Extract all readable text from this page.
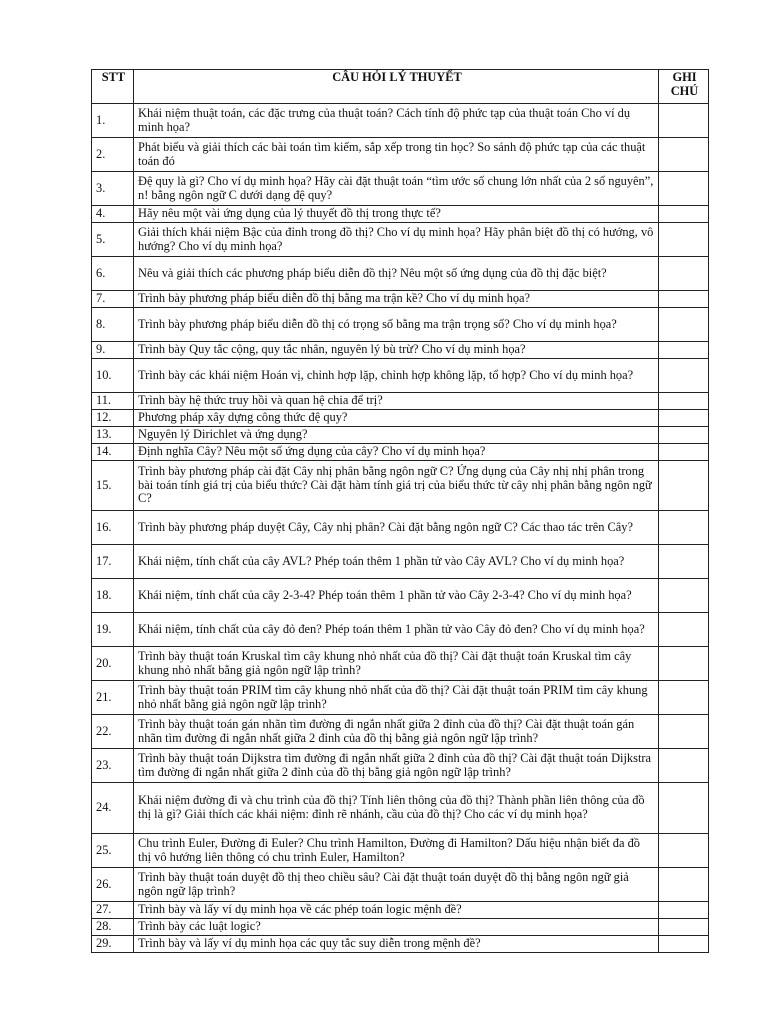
STT	CÂU HỎI LÝ THUYẾT	GHI CHÚ
1.	Khái niệm thuật toán, các đặc trưng của thuật toán? Cách tính độ phức tạp của thuật toán Cho ví dụ minh họa?	
2.	Phát biểu và giải thích các bài toán tìm kiếm, sắp xếp trong tin học? So sánh độ phức tạp của các thuật toán đó	
3.	Đệ quy là gì? Cho ví dụ minh họa? Hãy cài đặt thuật toán “tìm ước số chung lớn nhất của 2 số nguyên”, n! bằng ngôn ngữ C dưới dạng đệ quy?	
4.	Hãy nêu một vài ứng dụng của lý thuyết đồ thị trong thực tế?	
5.	Giải thích khái niệm Bậc của đỉnh trong đồ thị? Cho ví dụ minh họa? Hãy phân biệt đồ thị có hướng, vô hướng? Cho ví dụ minh họa?	
6.	Nêu và giải thích các phương pháp biểu diễn đồ thị? Nêu một số ứng dụng của đồ thị đặc biệt?	
7.	Trình bày phương pháp biểu diễn đồ thị bằng ma trận kề? Cho ví dụ minh họa?	
8.	Trình bày phương pháp biểu diễn đồ thị có trọng số bằng ma trận trọng số? Cho ví dụ minh họa?	
9.	Trình bày Quy tắc cộng, quy tắc nhân, nguyên lý bù trừ? Cho ví dụ minh họa?	
10.	Trình bày các khái niệm Hoán vị, chỉnh hợp lặp, chỉnh hợp không lặp, tổ hợp? Cho ví dụ minh họa?	
11.	Trình bày hệ thức truy hồi và quan hệ chia để trị?	
12.	Phương pháp xây dựng công thức đệ quy?	
13.	Nguyên lý Dirichlet và ứng dụng?	
14.	Định nghĩa Cây? Nêu một số ứng dụng của cây? Cho ví dụ minh họa?	
15.	Trình bày phương pháp cài đặt Cây nhị phân bằng ngôn ngữ C? Ứng dụng của Cây nhị nhị phân trong bài toán tính giá trị của biểu thức? Cài đặt hàm tính giá trị của biểu thức từ cây nhị phân bằng ngôn ngữ C?	
16.	Trình bày phương pháp duyệt Cây, Cây nhị phân? Cài đặt bằng ngôn ngữ C? Các thao tác trên Cây?	
17.	Khái niệm, tính chất của cây AVL? Phép toán thêm 1 phần tử vào Cây AVL? Cho ví dụ minh họa?	
18.	Khái niệm, tính chất của cây 2-3-4? Phép toán thêm 1 phần tử vào Cây 2-3-4? Cho ví dụ minh họa?	
19.	Khái niệm, tính chất của cây đỏ đen? Phép toán thêm 1 phần tử vào Cây đỏ đen? Cho ví dụ minh họa?	
20.	Trình bày thuật toán Kruskal tìm cây khung nhỏ nhất của đồ thị? Cài đặt thuật toán Kruskal tìm cây khung nhỏ nhất bằng giả ngôn ngữ lập trình?	
21.	Trình bày thuật toán PRIM tìm cây khung nhỏ nhất của đồ thị? Cài đặt thuật toán PRIM tìm cây khung nhỏ nhất bằng giả ngôn ngữ lập trình?	
22.	Trình bày thuật toán gán nhãn tìm đường đi ngắn nhất giữa 2 đỉnh của đồ thị? Cài đặt thuật toán gán nhãn tìm đường đi ngắn nhất giữa 2 đỉnh của đồ thị bằng giả ngôn ngữ lập trình?	
23.	Trình bày thuật toán Dijkstra tìm đường đi ngắn nhất giữa 2 đỉnh của đồ thị? Cài đặt thuật toán Dijkstra tìm đường đi ngắn nhất giữa 2 đỉnh của đồ thị bằng giả ngôn ngữ lập trình?	
24.	Khái niệm đường đi và chu trình của đồ thị? Tính liên thông của đồ thị? Thành phần liên thông của đồ thị là gì? Giải thích các khái niệm: đỉnh rẽ nhánh, cầu của đồ thị? Cho các ví dụ minh họa?	
25.	Chu trình Euler, Đường đi Euler? Chu trình Hamilton, Đường đi Hamilton? Dấu hiệu nhận biết đa đồ thị vô hướng liên thông có chu trình Euler, Hamilton?	
26.	Trình bày thuật toán duyệt đồ thị theo chiều sâu? Cài đặt thuật toán duyệt đồ thị bằng ngôn ngữ giả ngôn ngữ lập trình?	
27.	Trình bày và lấy ví dụ minh họa về các phép toán logic mệnh đề?	
28.	Trình bày các luật logic?	
29.	Trình bày và lấy ví dụ minh họa các quy tắc suy diễn trong mệnh đề?	
